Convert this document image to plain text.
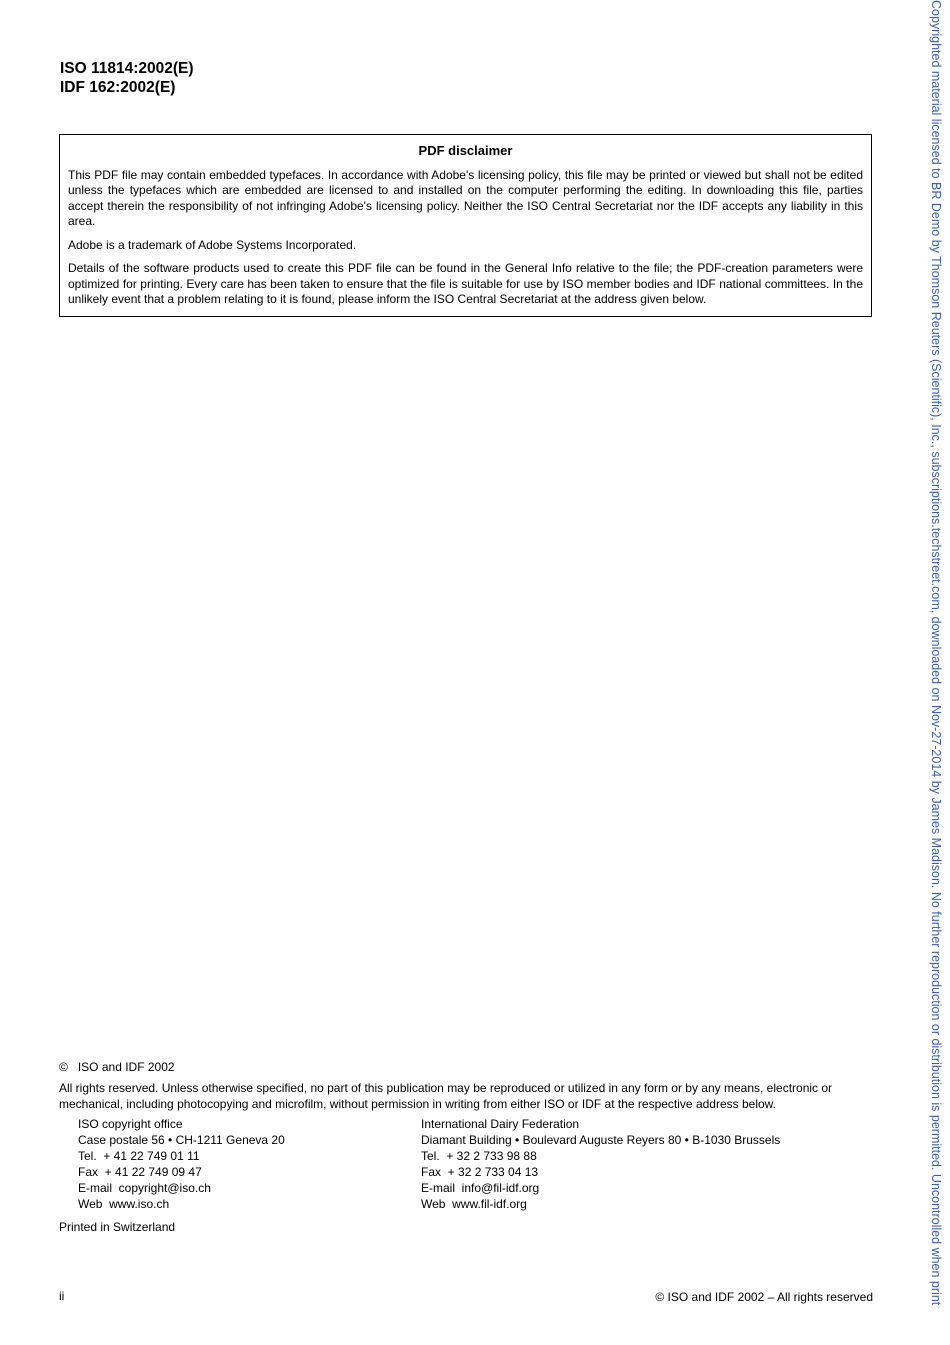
ISO 11814:2002(E)
IDF 162:2002(E)
PDF disclaimer

This PDF file may contain embedded typefaces. In accordance with Adobe's licensing policy, this file may be printed or viewed but shall not be edited unless the typefaces which are embedded are licensed to and installed on the computer performing the editing. In downloading this file, parties accept therein the responsibility of not infringing Adobe's licensing policy. Neither the ISO Central Secretariat nor the IDF accepts any liability in this area.

Adobe is a trademark of Adobe Systems Incorporated.

Details of the software products used to create this PDF file can be found in the General Info relative to the file; the PDF-creation parameters were optimized for printing. Every care has been taken to ensure that the file is suitable for use by ISO member bodies and IDF national committees. In the unlikely event that a problem relating to it is found, please inform the ISO Central Secretariat at the address given below.

©   ISO and IDF 2002
All rights reserved. Unless otherwise specified, no part of this publication may be reproduced or utilized in any form or by any means, electronic or mechanical, including photocopying and microfilm, without permission in writing from either ISO or IDF at the respective address below.
ISO copyright office
Case postale 56 • CH-1211 Geneva 20
Tel.  + 41 22 749 01 11
Fax  + 41 22 749 09 47
E-mail  copyright@iso.ch
Web  www.iso.ch
International Dairy Federation
Diamant Building • Boulevard Auguste Reyers 80 • B-1030 Brussels
Tel.  + 32 2 733 98 88
Fax  + 32 2 733 04 13
E-mail  info@fil-idf.org
Web  www.fil-idf.org
Printed in Switzerland
ii	© ISO and IDF 2002 – All rights reserved	Copyrighted material licensed to BR Demo by Thomson Reuters (Scientific), Inc., subscriptions.techstreet.com, downloaded on Nov-27-2014 by James Madison. No further reproduction or distribution is permitted. Uncontrolled when print
